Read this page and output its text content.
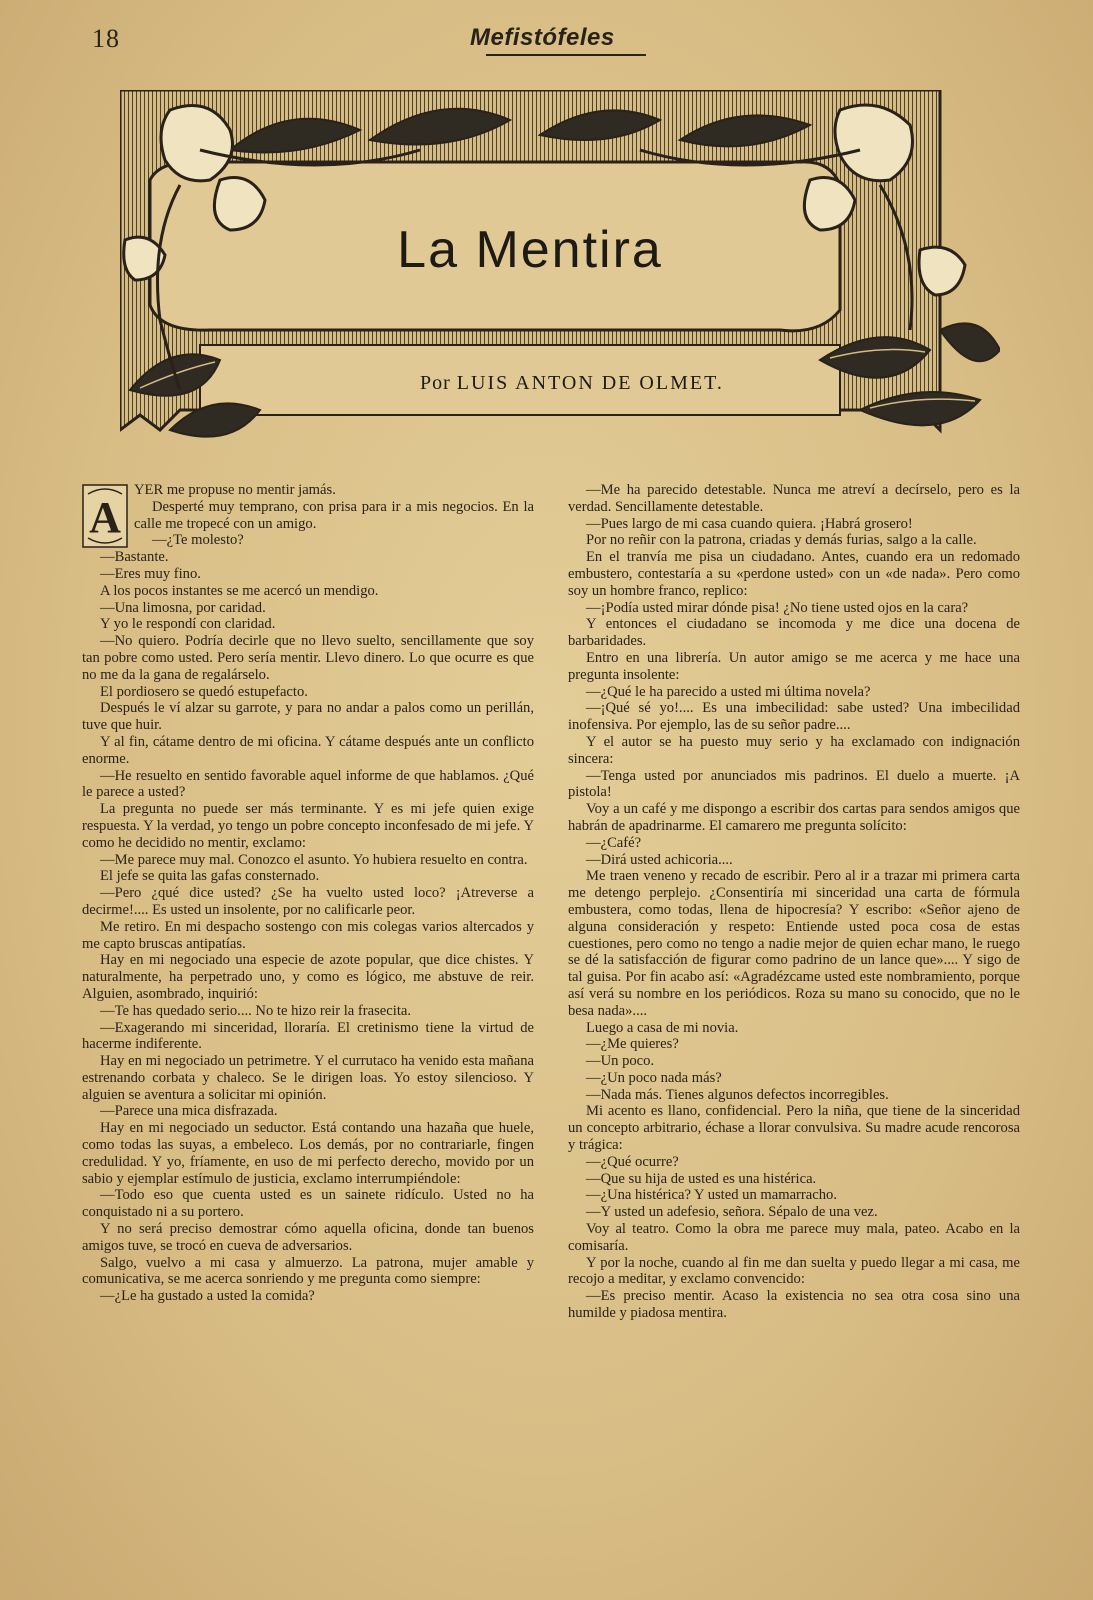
18	Mefistófeles
La Mentira
Por LUIS ANTON DE OLMET.
A

YER me propuse no mentir jamás.

Desperté muy temprano, con prisa para ir a mis negocios. En la calle me tropecé con un amigo.

—¿Te molesto?

—Bastante.

—Eres muy fino.

A los pocos instantes se me acercó un mendigo.

—Una limosna, por caridad.

Y yo le respondí con claridad.

—No quiero. Podría decirle que no llevo suelto, sencillamente que soy tan pobre como usted. Pero sería mentir. Llevo dinero. Lo que ocurre es que no me da la gana de regalárselo.

El pordiosero se quedó estupefacto.

Después le ví alzar su garrote, y para no andar a palos como un perillán, tuve que huir.

Y al fin, cátame dentro de mi oficina. Y cátame después ante un conflicto enorme.

—He resuelto en sentido favorable aquel informe de que hablamos. ¿Qué le parece a usted?

La pregunta no puede ser más terminante. Y es mi jefe quien exige respuesta. Y la verdad, yo tengo un pobre concepto inconfesado de mi jefe. Y como he decidido no mentir, exclamo:

—Me parece muy mal. Conozco el asunto. Yo hubiera resuelto en contra.

El jefe se quita las gafas consternado.

—Pero ¿qué dice usted? ¿Se ha vuelto usted loco? ¡Atreverse a decirme!.... Es usted un insolente, por no calificarle peor.

Me retiro. En mi despacho sostengo con mis colegas varios altercados y me capto bruscas antipatías.

Hay en mi negociado una especie de azote popular, que dice chistes. Y naturalmente, ha perpetrado uno, y como es lógico, me abstuve de reir. Alguien, asombrado, inquirió:

—Te has quedado serio.... No te hizo reir la frasecita.

—Exagerando mi sinceridad, lloraría. El cretinismo tiene la virtud de hacerme indiferente.

Hay en mi negociado un petrimetre. Y el currutaco ha venido esta mañana estrenando corbata y chaleco. Se le dirigen loas. Yo estoy silencioso. Y alguien se aventura a solicitar mi opinión.

—Parece una mica disfrazada.

Hay en mi negociado un seductor. Está contando una hazaña que huele, como todas las suyas, a embeleco. Los demás, por no contrariarle, fingen credulidad. Y yo, fríamente, en uso de mi perfecto derecho, movido por un sabio y ejemplar estímulo de justicia, exclamo interrumpiéndole:

—Todo eso que cuenta usted es un sainete ridículo. Usted no ha conquistado ni a su portero.

Y no será preciso demostrar cómo aquella oficina, donde tan buenos amigos tuve, se trocó en cueva de adversarios.

Salgo, vuelvo a mi casa y almuerzo. La patrona, mujer amable y comunicativa, se me acerca sonriendo y me pregunta como siempre:

—¿Le ha gustado a usted la comida?

—Me ha parecido detestable. Nunca me atreví a decírselo, pero es la verdad. Sencillamente detestable.

—Pues largo de mi casa cuando quiera. ¡Habrá grosero!

Por no reñir con la patrona, criadas y demás furias, salgo a la calle.

En el tranvía me pisa un ciudadano. Antes, cuando era un redomado embustero, contestaría a su «perdone usted» con un «de nada». Pero como soy un hombre franco, replico:

—¡Podía usted mirar dónde pisa! ¿No tiene usted ojos en la cara?

Y entonces el ciudadano se incomoda y me dice una docena de barbaridades.

Entro en una librería. Un autor amigo se me acerca y me hace una pregunta insolente:

—¿Qué le ha parecido a usted mi última novela?

—¡Qué sé yo!.... Es una imbecilidad: sabe usted? Una imbecilidad inofensiva. Por ejemplo, las de su señor padre....

Y el autor se ha puesto muy serio y ha exclamado con indignación sincera:

—Tenga usted por anunciados mis padrinos. El duelo a muerte. ¡A pistola!

Voy a un café y me dispongo a escribir dos cartas para sendos amigos que habrán de apadrinarme. El camarero me pregunta solícito:

—¿Café?

—Dirá usted achicoria....

Me traen veneno y recado de escribir. Pero al ir a trazar mi primera carta me detengo perplejo. ¿Consentiría mi sinceridad una carta de fórmula embustera, como todas, llena de hipocresía? Y escribo: «Señor ajeno de alguna consideración y respeto: Entiende usted poca cosa de estas cuestiones, pero como no tengo a nadie mejor de quien echar mano, le ruego se dé la satisfacción de figurar como padrino de un lance que».... Y sigo de tal guisa. Por fin acabo así: «Agradézcame usted este nombramiento, porque así verá su nombre en los periódicos. Roza su mano su conocido, que no le besa nada»....

Luego a casa de mi novia.

—¿Me quieres?

—Un poco.

—¿Un poco nada más?

—Nada más. Tienes algunos defectos incorregibles.

Mi acento es llano, confidencial. Pero la niña, que tiene de la sinceridad un concepto arbitrario, échase a llorar convulsiva. Su madre acude rencorosa y trágica:

—¿Qué ocurre?

—Que su hija de usted es una histérica.

—¿Una histérica? Y usted un mamarracho.

—Y usted un adefesio, señora. Sépalo de una vez.

Voy al teatro. Como la obra me parece muy mala, pateo. Acabo en la comisaría.

Y por la noche, cuando al fin me dan suelta y puedo llegar a mi casa, me recojo a meditar, y exclamo convencido:

—Es preciso mentir. Acaso la existencia no sea otra cosa sino una humilde y piadosa mentira.
